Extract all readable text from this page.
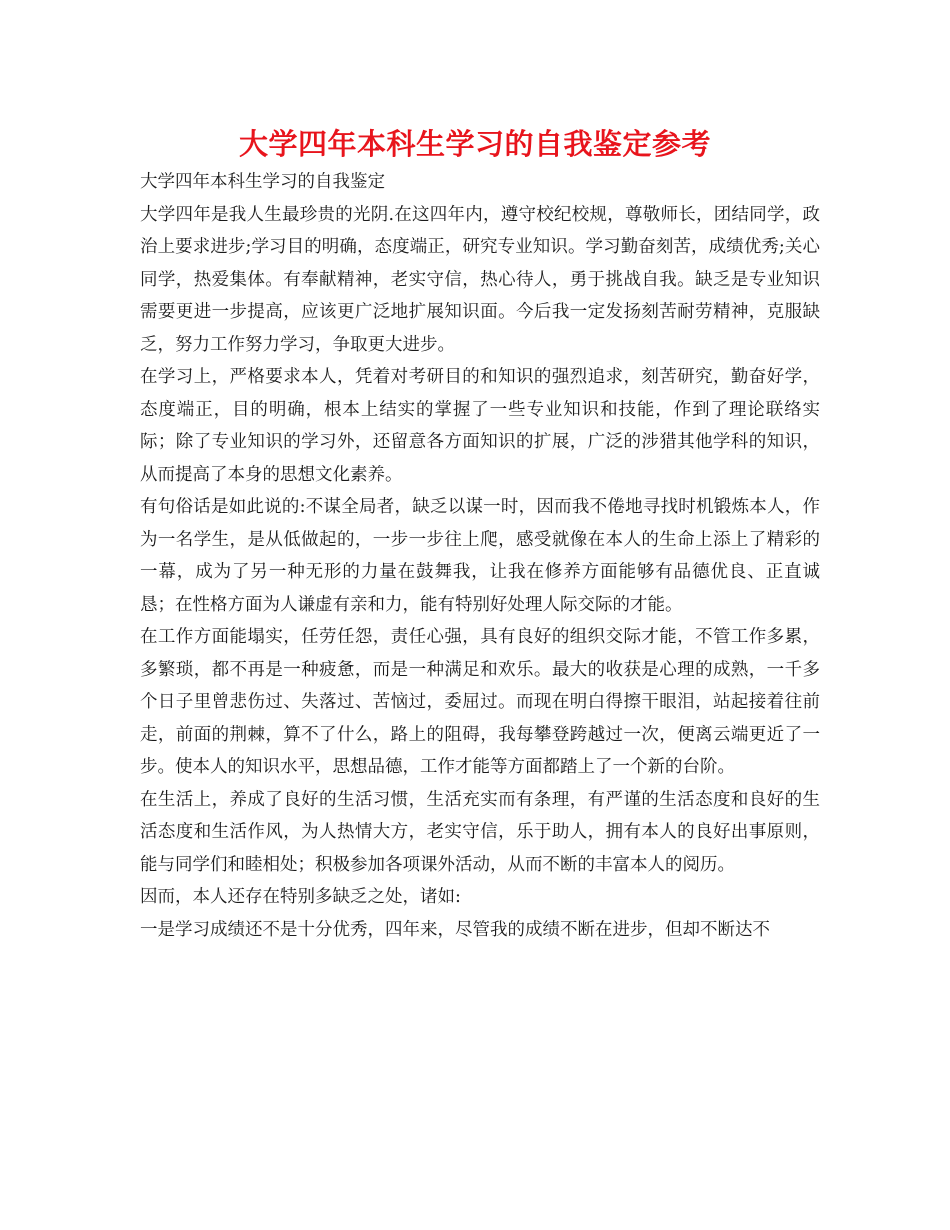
大学四年本科生学习的自我鉴定参考

大学四年本科生学习的自我鉴定

大学四年是我人生最珍贵的光阴.在这四年内，遵守校纪校规，尊敬师长，团结同学，政治上要求进步;学习目的明确，态度端正，研究专业知识。学习勤奋刻苦，成绩优秀;关心同学，热爱集体。有奉献精神，老实守信，热心待人，勇于挑战自我。缺乏是专业知识需要更进一步提高，应该更广泛地扩展知识面。今后我一定发扬刻苦耐劳精神，克服缺乏，努力工作努力学习，争取更大进步。

在学习上，严格要求本人，凭着对考研目的和知识的强烈追求，刻苦研究，勤奋好学，态度端正，目的明确，根本上结实的掌握了一些专业知识和技能，作到了理论联络实际；除了专业知识的学习外，还留意各方面知识的扩展，广泛的涉猎其他学科的知识，从而提高了本身的思想文化素养。

有句俗话是如此说的:不谋全局者，缺乏以谋一时，因而我不倦地寻找时机锻炼本人，作为一名学生，是从低做起的，一步一步往上爬，感受就像在本人的生命上添上了精彩的一幕，成为了另一种无形的力量在鼓舞我，让我在修养方面能够有品德优良、正直诚恳；在性格方面为人谦虚有亲和力，能有特别好处理人际交际的才能。

在工作方面能塌实，任劳任怨，责任心强，具有良好的组织交际才能，不管工作多累，多繁琐，都不再是一种疲惫，而是一种满足和欢乐。最大的收获是心理的成熟，一千多个日子里曾悲伤过、失落过、苦恼过，委屈过。而现在明白得擦干眼泪，站起接着往前走，前面的荆棘，算不了什么，路上的阻碍，我每攀登跨越过一次，便离云端更近了一步。使本人的知识水平，思想品德，工作才能等方面都踏上了一个新的台阶。

在生活上，养成了良好的生活习惯，生活充实而有条理，有严谨的生活态度和良好的生活态度和生活作风，为人热情大方，老实守信，乐于助人，拥有本人的良好出事原则，能与同学们和睦相处；积极参加各项课外活动，从而不断的丰富本人的阅历。

因而，本人还存在特别多缺乏之处，诸如:

一是学习成绩还不是十分优秀，四年来，尽管我的成绩不断在进步，但却不断达不
